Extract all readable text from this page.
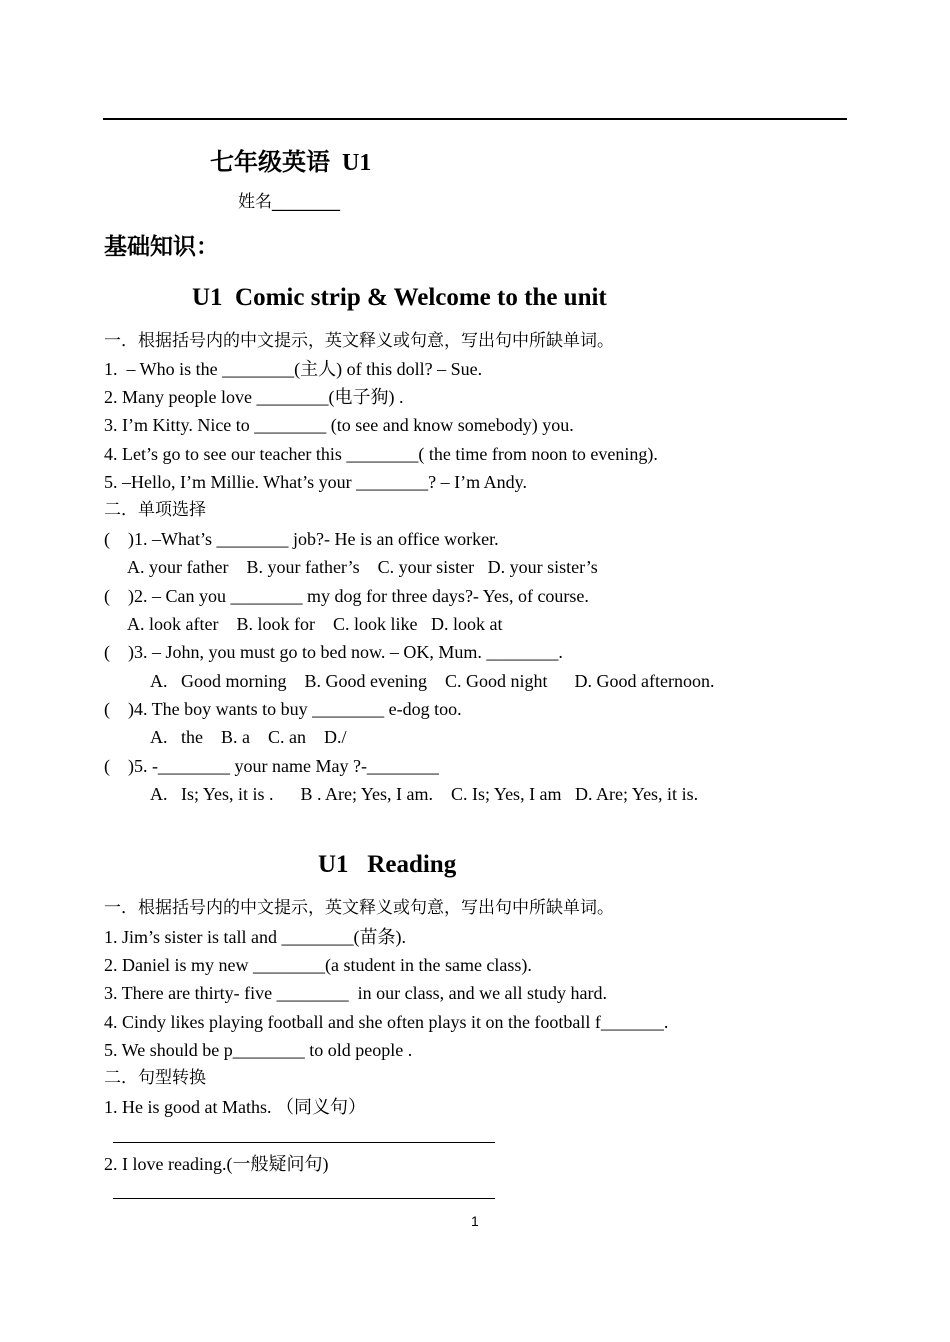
七年级英语  U1
姓名________
基础知识：
U1  Comic strip & Welcome to the unit
一．根据括号内的中文提示，英文释义或句意，写出句中所缺单词。
1.  – Who is the ________(主人) of this doll? – Sue.
2. Many people love ________(电子狗) .
3. I’m Kitty. Nice to ________ (to see and know somebody) you.
4. Let’s go to see our teacher this ________( the time from noon to evening).
5. –Hello, I’m Millie. What’s your ________? – I’m Andy.
二．单项选择
(    )1. –What’s ________ job?- He is an office worker.
A. your father    B. your father’s    C. your sister   D. your sister’s
(    )2. – Can you ________ my dog for three days?- Yes, of course.
A. look after    B. look for    C. look like   D. look at
(    )3. – John, you must go to bed now. – OK, Mum. ________.
A.   Good morning    B. Good evening    C. Good night      D. Good afternoon.
(    )4. The boy wants to buy ________ e-dog too.
A.   the    B. a    C. an    D./
(    )5. -________ your name May ?-________
A.   Is; Yes, it is .      B . Are; Yes, I am.    C. Is; Yes, I am   D. Are; Yes, it is.
U1   Reading
一．根据括号内的中文提示，英文释义或句意，写出句中所缺单词。
1. Jim’s sister is tall and ________(苗条).
2. Daniel is my new ________(a student in the same class).
3. There are thirty- five ________  in our class, and we all study hard.
4. Cindy likes playing football and she often plays it on the football f_______.
5. We should be p________ to old people .
二．句型转换
1. He is good at Maths. （同义句）
2. I love reading.(一般疑问句)
1
